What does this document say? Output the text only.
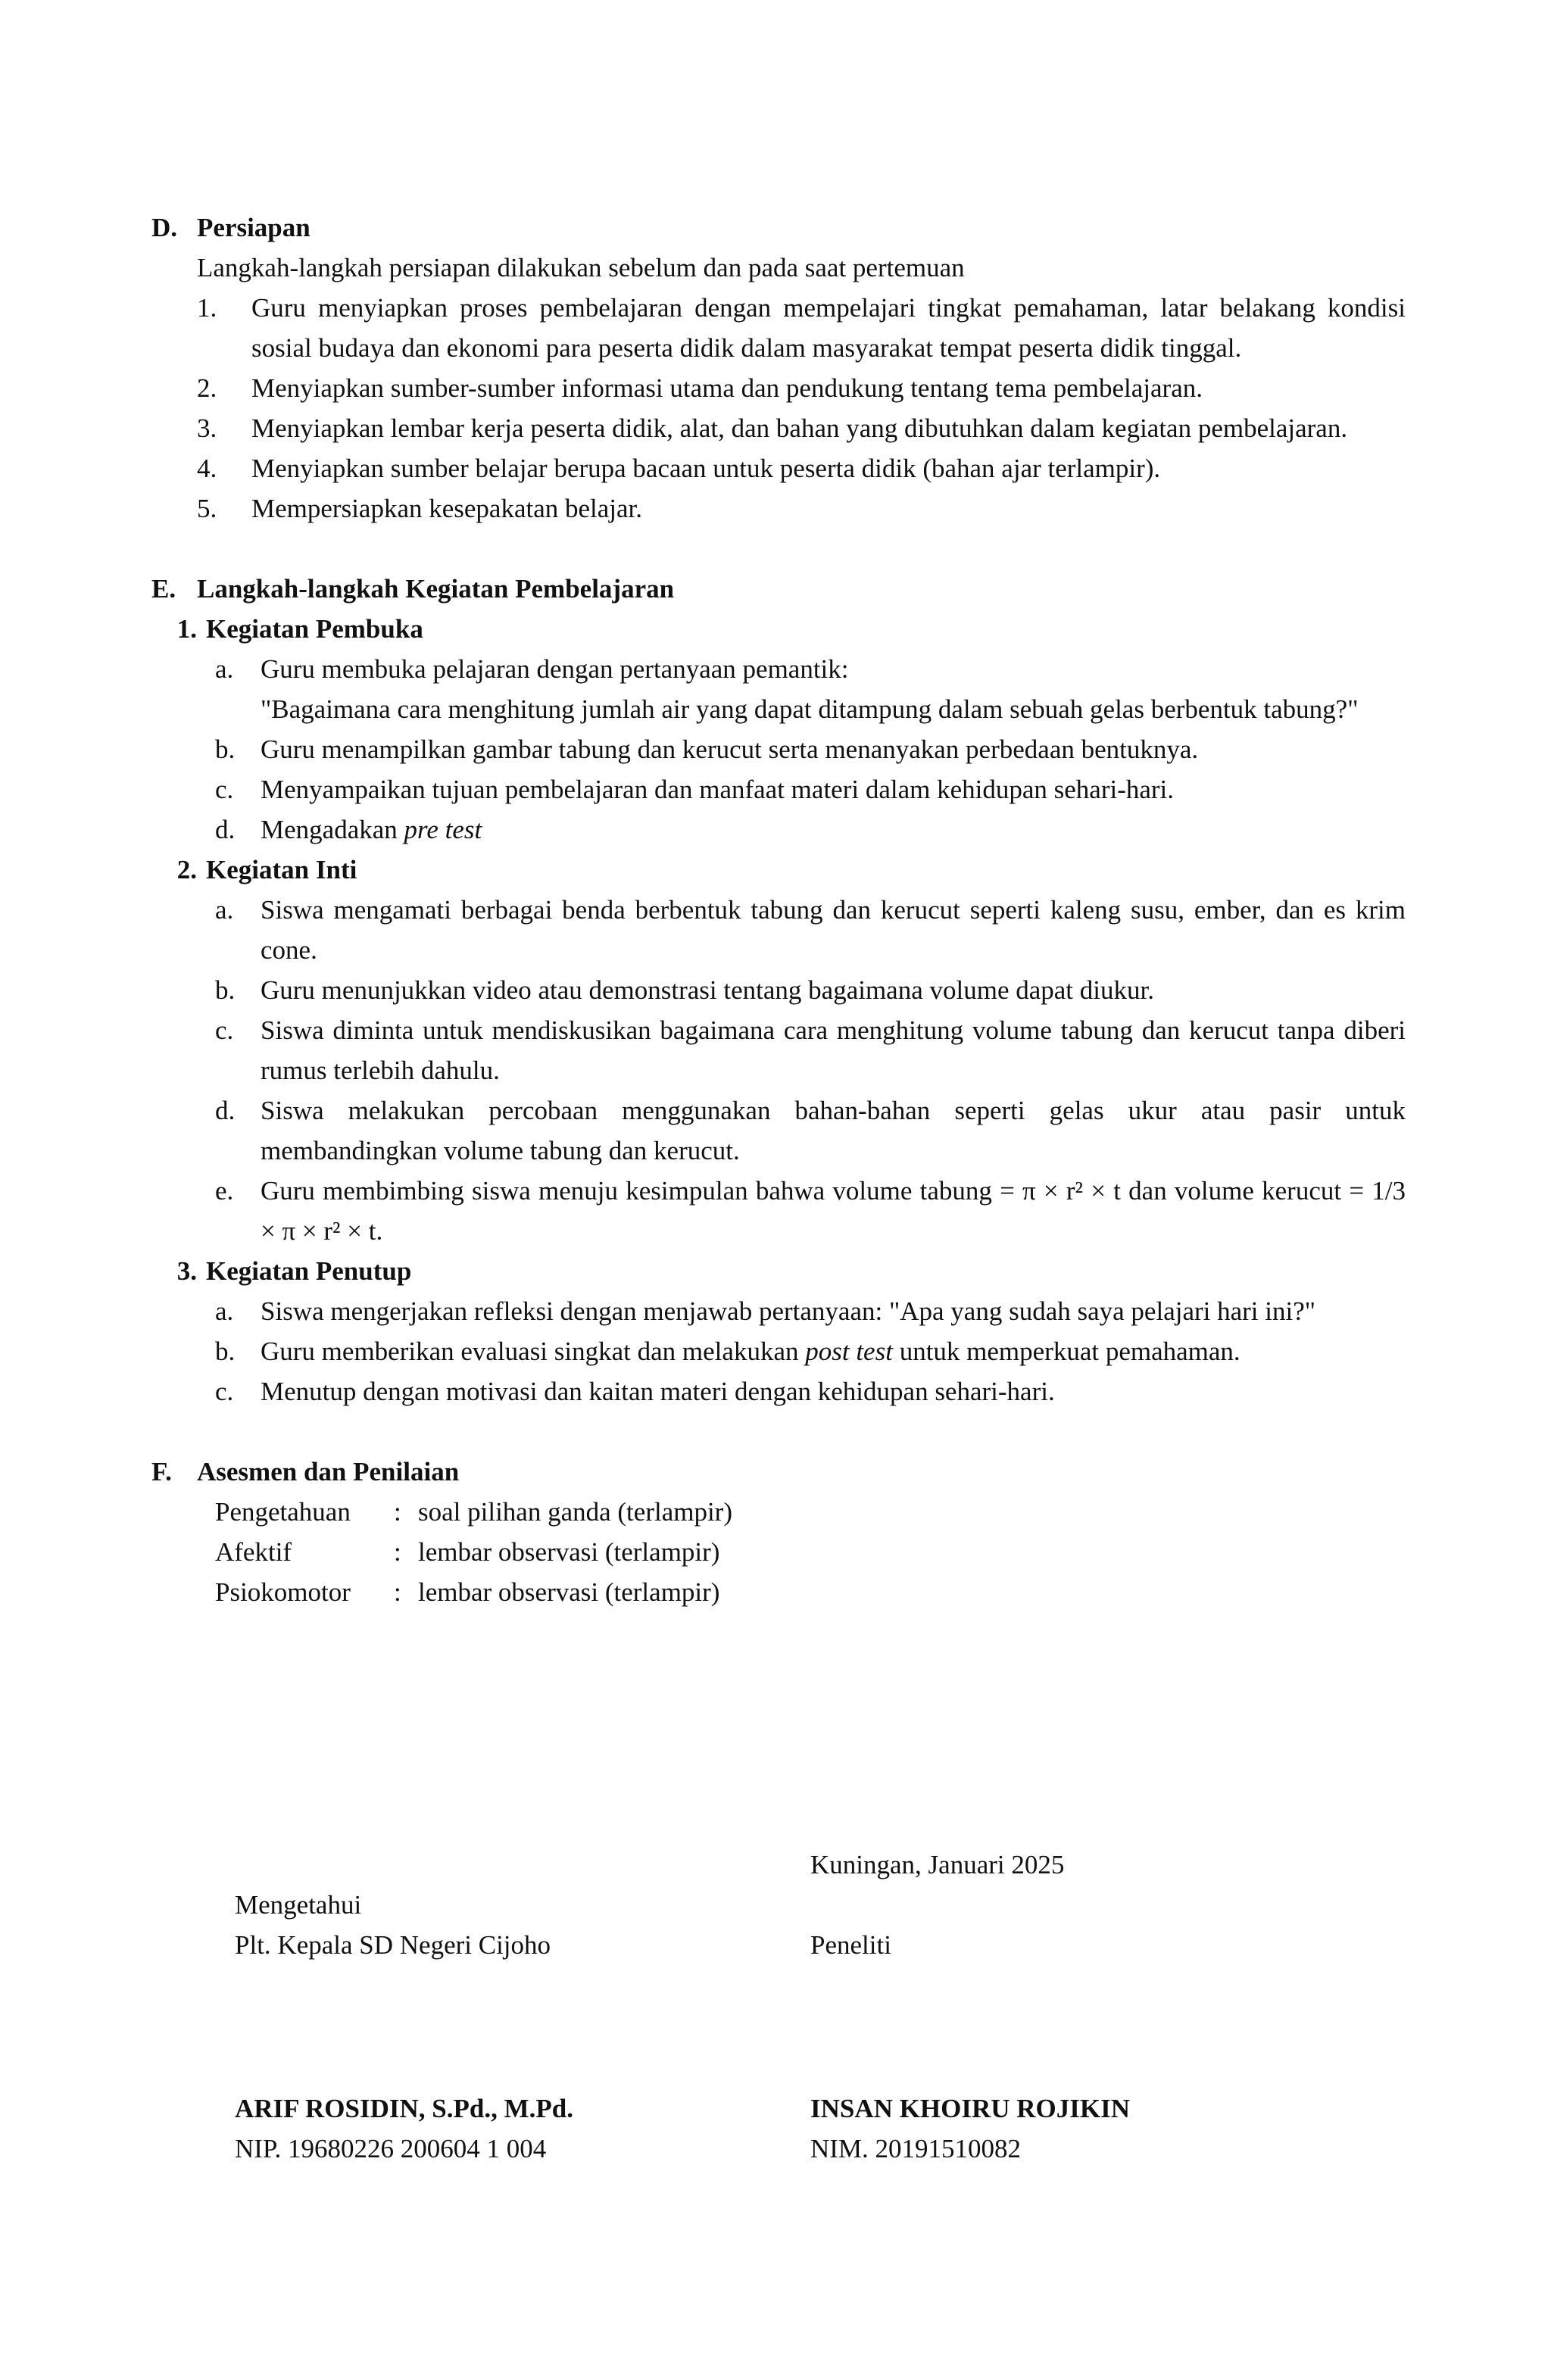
D. Persiapan
Langkah-langkah persiapan dilakukan sebelum dan pada saat pertemuan
1.	Guru menyiapkan proses pembelajaran dengan mempelajari tingkat pemahaman, latar belakang kondisi sosial budaya dan ekonomi para peserta didik dalam masyarakat tempat peserta didik tinggal.
2.	Menyiapkan sumber-sumber informasi utama dan pendukung tentang tema pembelajaran.
3.	Menyiapkan lembar kerja peserta didik, alat, dan bahan yang dibutuhkan dalam kegiatan pembelajaran.
4.	Menyiapkan sumber belajar berupa bacaan untuk peserta didik (bahan ajar terlampir).
5.	Mempersiapkan kesepakatan belajar.
E. Langkah-langkah Kegiatan Pembelajaran
1. Kegiatan Pembuka
a.	Guru membuka pelajaran dengan pertanyaan pemantik:
"Bagaimana cara menghitung jumlah air yang dapat ditampung dalam sebuah gelas berbentuk tabung?"
b. Guru menampilkan gambar tabung dan kerucut serta menanyakan perbedaan bentuknya.
c.	Menyampaikan tujuan pembelajaran dan manfaat materi dalam kehidupan sehari-hari.
d. Mengadakan pre test
2. Kegiatan Inti
a.	Siswa mengamati berbagai benda berbentuk tabung dan kerucut seperti kaleng susu, ember, dan es krim cone.
b. Guru menunjukkan video atau demonstrasi tentang bagaimana volume dapat diukur.
c.	Siswa diminta untuk mendiskusikan bagaimana cara menghitung volume tabung dan kerucut tanpa diberi rumus terlebih dahulu.
d. Siswa melakukan percobaan menggunakan bahan-bahan seperti gelas ukur atau pasir untuk membandingkan volume tabung dan kerucut.
e.	Guru membimbing siswa menuju kesimpulan bahwa volume tabung = π × r² × t dan volume kerucut = 1/3 × π × r² × t.
3. Kegiatan Penutup
a.	Siswa mengerjakan refleksi dengan menjawab pertanyaan: "Apa yang sudah saya pelajari hari ini?"
b. Guru memberikan evaluasi singkat dan melakukan post test untuk memperkuat pemahaman.
c.	Menutup dengan motivasi dan kaitan materi dengan kehidupan sehari-hari.
F. Asesmen dan Penilaian
Pengetahuan	: soal pilihan ganda (terlampir)
Afektif	: lembar observasi (terlampir)
Psiokomotor	: lembar observasi (terlampir)
Kuningan, Januari 2025
Mengetahui
Plt. Kepala SD Negeri Cijoho	Peneliti
ARIF ROSIDIN, S.Pd., M.Pd.
NIP. 19680226 200604 1 004
INSAN KHOIRU ROJIKIN
NIM. 20191510082
